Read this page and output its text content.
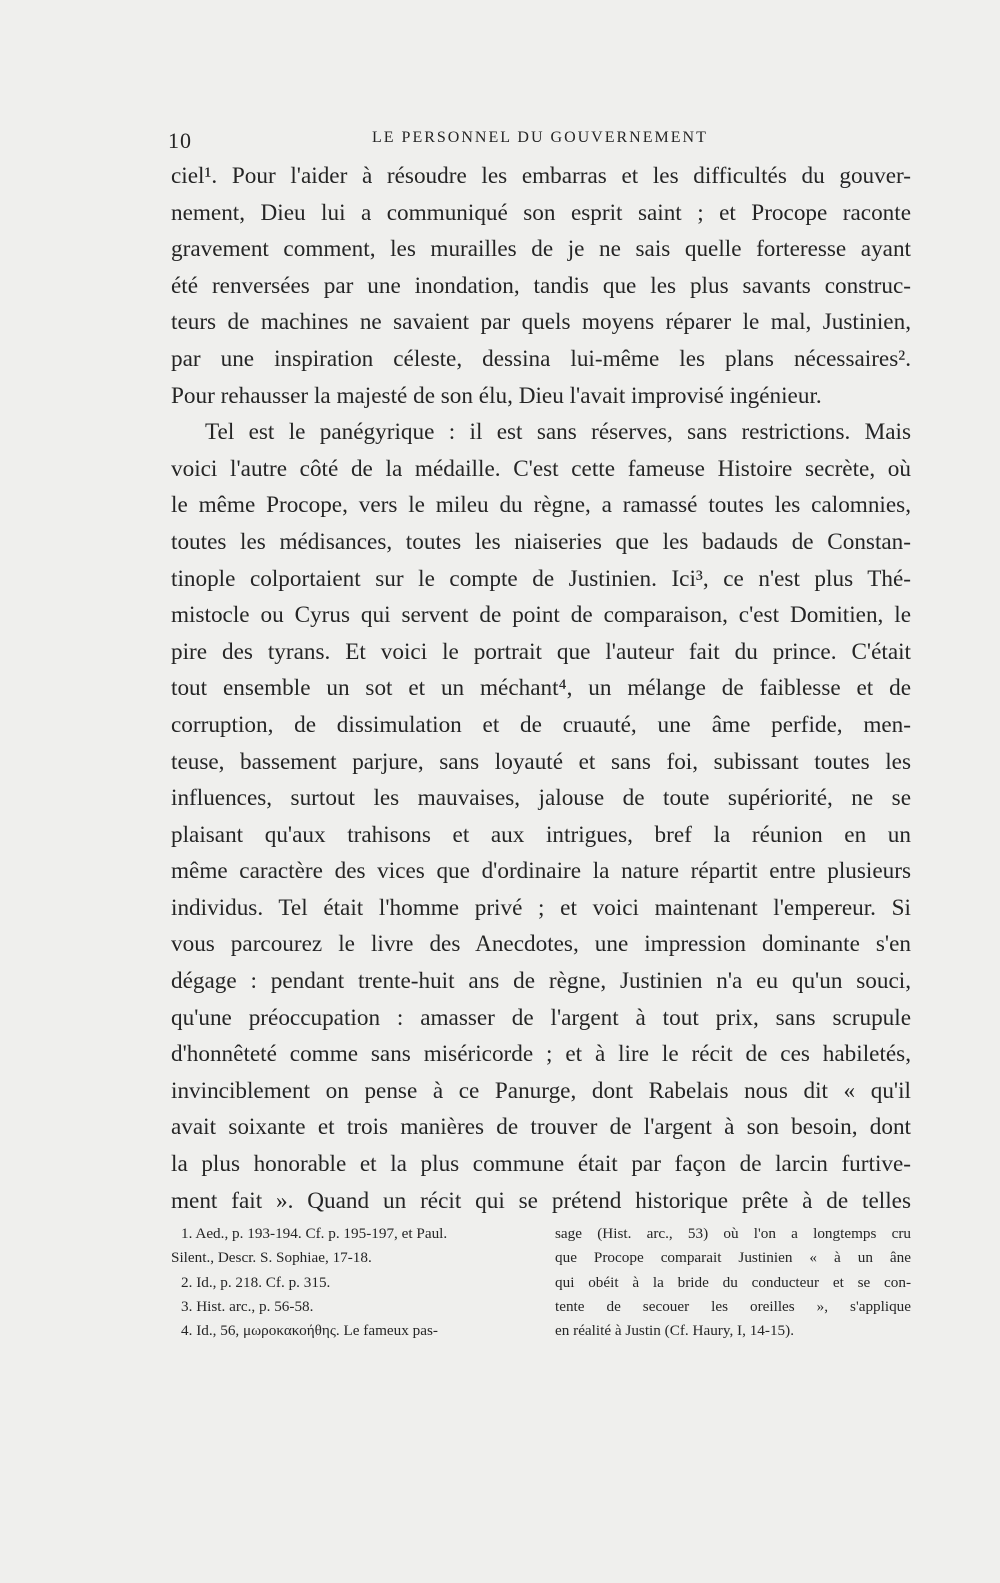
10	LE PERSONNEL DU GOUVERNEMENT
ciel¹. Pour l'aider à résoudre les embarras et les difficultés du gouver-
nement, Dieu lui a communiqué son esprit saint ; et Procope raconte
gravement comment, les murailles de je ne sais quelle forteresse ayant
été renversées par une inondation, tandis que les plus savants construc-
teurs de machines ne savaient par quels moyens réparer le mal, Justinien,
par une inspiration céleste, dessina lui-même les plans nécessaires².
Pour rehausser la majesté de son élu, Dieu l'avait improvisé ingénieur.
Tel est le panégyrique : il est sans réserves, sans restrictions. Mais
voici l'autre côté de la médaille. C'est cette fameuse Histoire secrète, où
le même Procope, vers le mileu du règne, a ramassé toutes les calomnies,
toutes les médisances, toutes les niaiseries que les badauds de Constan-
tinople colportaient sur le compte de Justinien. Ici³, ce n'est plus Thé-
mistocle ou Cyrus qui servent de point de comparaison, c'est Domitien, le
pire des tyrans. Et voici le portrait que l'auteur fait du prince. C'était
tout ensemble un sot et un méchant⁴, un mélange de faiblesse et de
corruption, de dissimulation et de cruauté, une âme perfide, men-
teuse, bassement parjure, sans loyauté et sans foi, subissant toutes les
influences, surtout les mauvaises, jalouse de toute supériorité, ne se
plaisant qu'aux trahisons et aux intrigues, bref la réunion en un
même caractère des vices que d'ordinaire la nature répartit entre plusieurs
individus. Tel était l'homme privé ; et voici maintenant l'empereur. Si
vous parcourez le livre des Anecdotes, une impression dominante s'en
dégage : pendant trente-huit ans de règne, Justinien n'a eu qu'un souci,
qu'une préoccupation : amasser de l'argent à tout prix, sans scrupule
d'honnêteté comme sans miséricorde ; et à lire le récit de ces habiletés,
invinciblement on pense à ce Panurge, dont Rabelais nous dit « qu'il
avait soixante et trois manières de trouver de l'argent à son besoin, dont
la plus honorable et la plus commune était par façon de larcin furtive-
ment fait ». Quand un récit qui se prétend historique prête à de telles
1. Aed., p. 193-194. Cf. p. 195-197, et Paul.
Silent., Descr. S. Sophiae, 17-18.
2. Id., p. 218. Cf. p. 315.
3. Hist. arc., p. 56-58.
4. Id., 56, μωροκακοήθης. Le fameux pas-
sage (Hist. arc., 53) où l'on a longtemps cru
que Procope comparait Justinien « à un âne
qui obéit à la bride du conducteur et se con-
tente de secouer les oreilles », s'applique
en réalité à Justin (Cf. Haury, I, 14-15).
